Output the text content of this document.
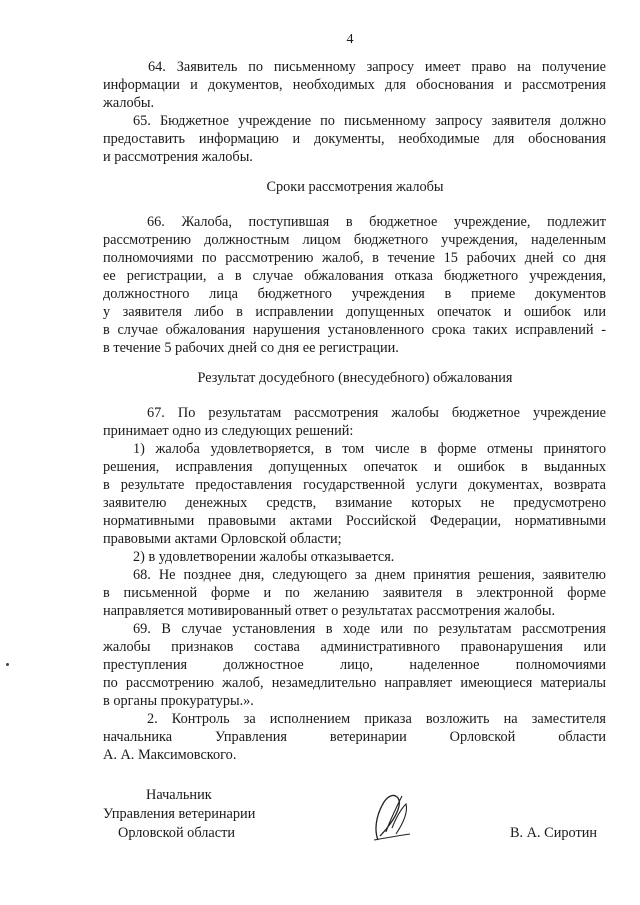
4
64. Заявитель по письменному запросу имеет право на получение
информации и документов, необходимых для обоснования и рассмотрения
жалобы.
65. Бюджетное учреждение по письменному запросу заявителя должно
предоставить информацию и документы, необходимые для обоснования
и рассмотрения жалобы.
Сроки рассмотрения жалобы
66. Жалоба, поступившая в бюджетное учреждение, подлежит
рассмотрению должностным лицом бюджетного учреждения, наделенным
полномочиями по рассмотрению жалоб, в течение 15 рабочих дней со дня
ее регистрации, а в случае обжалования отказа бюджетного учреждения,
должностного лица бюджетного учреждения в приеме документов
у заявителя либо в исправлении допущенных опечаток и ошибок или
в случае обжалования нарушения установленного срока таких исправлений -
в течение 5 рабочих дней со дня ее регистрации.
Результат досудебного (внесудебного) обжалования
67. По результатам рассмотрения жалобы бюджетное учреждение
принимает одно из следующих решений:
1) жалоба удовлетворяется, в том числе в форме отмены принятого
решения, исправления допущенных опечаток и ошибок в выданных
в результате предоставления государственной услуги документах, возврата
заявителю денежных средств, взимание которых не предусмотрено
нормативными правовыми актами Российской Федерации, нормативными
правовыми актами Орловской области;
2) в удовлетворении жалобы отказывается.
68. Не позднее дня, следующего за днем принятия решения, заявителю
в письменной форме и по желанию заявителя в электронной форме
направляется мотивированный ответ о результатах рассмотрения жалобы.
69. В случае установления в ходе или по результатам рассмотрения
жалобы признаков состава административного правонарушения или
преступления должностное лицо, наделенное полномочиями
по рассмотрению жалоб, незамедлительно направляет имеющиеся материалы
в органы прокуратуры.».
2. Контроль за исполнением приказа возложить на заместителя
начальника Управления ветеринарии Орловской области
А. А. Максимовского.
Начальник
Управления ветеринарии
Орловской области	В. А. Сиротин
